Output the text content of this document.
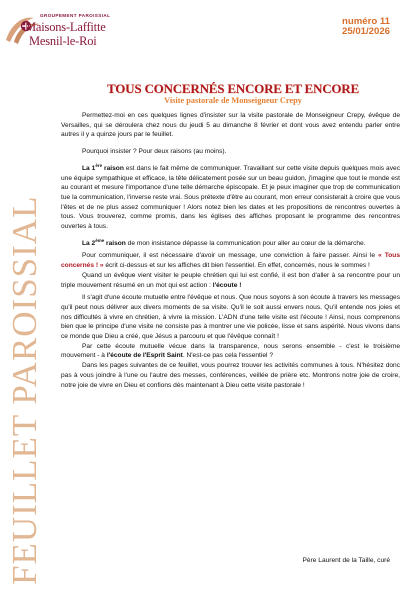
FEUILLET PAROISSIAL
GROUPEMENT PAROISSIAL
Maisons-Laffitte
Mesnil-le-Roi
numéro 11
25/01/2026
TOUS CONCERNÉS ENCORE ET ENCORE
Visite pastorale de Monseigneur Crepy

Permettez-moi en ces quelques lignes d'insister sur la visite pastorale de Monseigneur Crepy, évêque de Versailles, qui se déroulera chez nous du jeudi 5 au dimanche 8 février et dont vous avez entendu parler entre autres il y a quinze jours par le feuillet.

Pourquoi insister ? Pour deux raisons (au moins).

La 1ère raison est dans le fait même de communiquer. Travaillant sur cette visite depuis quelques mois avec une équipe sympathique et efficace, la tête délicatement posée sur un beau guidon, j'imagine que tout le monde est au courant et mesure l'importance d'une telle démarche épiscopale. Et je peux imaginer que trop de communication tue la communication, l'inverse reste vrai. Sous prétexte d'être au courant, mon erreur consisterait à croire que vous l'êtes et de ne plus assez communiquer ! Alors notez bien les dates et les propositions de rencontres ouvertes à tous. Vous trouverez, comme promis, dans les églises des affiches proposant le programme des rencontres ouvertes à tous.

La 2ème raison de mon insistance dépasse la communication pour aller au cœur de la démarche.

Pour communiquer, il est nécessaire d'avoir un message, une conviction à faire passer. Ainsi le « Tous concernés ! » écrit ci-dessus et sur les affiches dit bien l'essentiel. En effet, concernés, nous le sommes !

Quand un évêque vient visiter le peuple chrétien qui lui est confié, il est bon d'aller à sa rencontre pour un triple mouvement résumé en un mot qui est action : l'écoute !

Il s'agit d'une écoute mutuelle entre l'évêque et nous. Que nous soyons à son écoute à travers les messages qu'il peut nous délivrer aux divers moments de sa visite. Qu'il le soit aussi envers nous. Qu'il entende nos joies et nos difficultés à vivre en chrétien, à vivre la mission. L'ADN d'une telle visite est l'écoute ! Ainsi, nous comprenons bien que le principe d'une visite ne consiste pas à montrer une vie policée, lisse et sans aspérité. Nous vivons dans ce monde que Dieu a créé, que Jésus a parcouru et que l'évêque connaît !

Par cette écoute mutuelle vécue dans la transparence, nous serons ensemble - c'est le troisième mouvement - à l'écoute de l'Esprit Saint. N'est-ce pas cela l'essentiel ?

Dans les pages suivantes de ce feuillet, vous pourrez trouver les activités communes à tous. N'hésitez donc pas à vous joindre à l'une ou l'autre des messes, conférences, veillée de prière etc. Montrons notre joie de croire, notre joie de vivre en Dieu et confions dès maintenant à Dieu cette visite pastorale !

Père Laurent de la Taille, curé
